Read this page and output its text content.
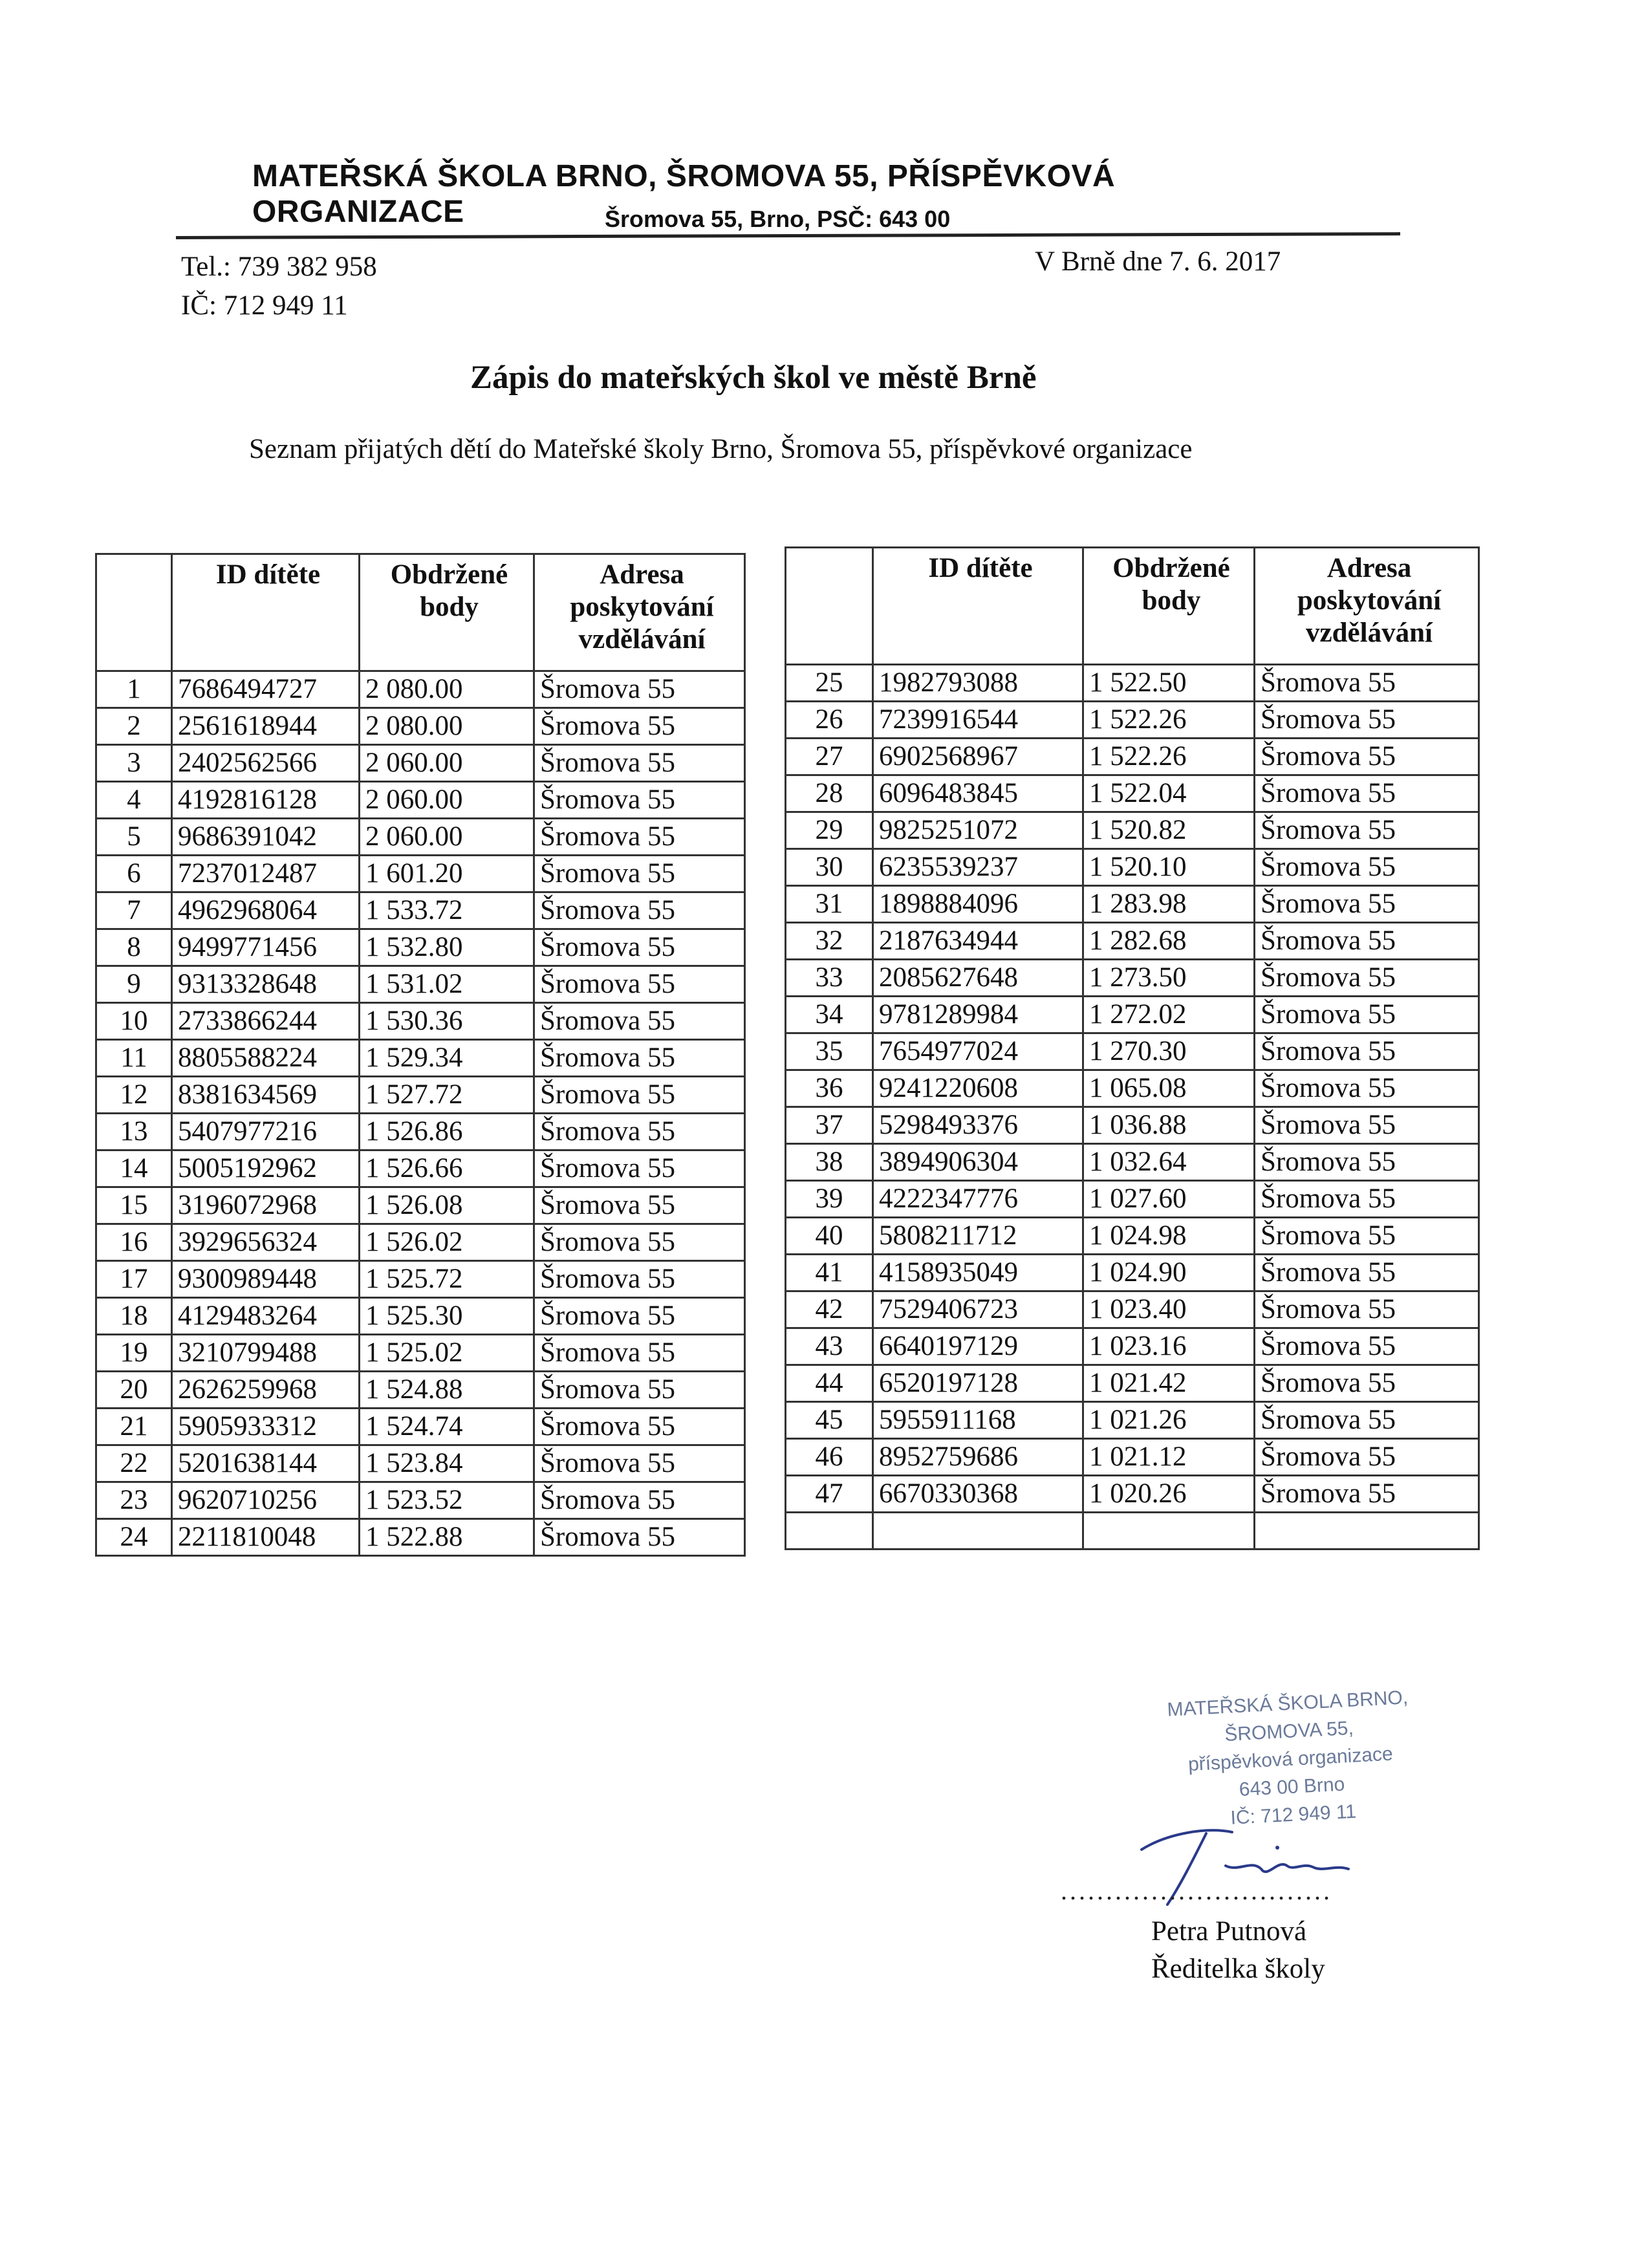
MATEŘSKÁ ŠKOLA BRNO, ŠROMOVA 55, PŘÍSPĚVKOVÁ ORGANIZACE	Šromova 55, Brno, PSČ: 643 00
Tel.: 739 382 958
IČ: 712 949 11
V Brně dne 7. 6. 2017
Zápis do mateřských škol ve městě Brně
Seznam přijatých dětí do Mateřské školy Brno, Šromova 55, příspěvkové organizace
	ID dítěte	Obdržené body	Adresa poskytování vzdělávání
1	7686494727	2 080.00	Šromova 55
2	2561618944	2 080.00	Šromova 55
3	2402562566	2 060.00	Šromova 55
4	4192816128	2 060.00	Šromova 55
5	9686391042	2 060.00	Šromova 55
6	7237012487	1 601.20	Šromova 55
7	4962968064	1 533.72	Šromova 55
8	9499771456	1 532.80	Šromova 55
9	9313328648	1 531.02	Šromova 55
10	2733866244	1 530.36	Šromova 55
11	8805588224	1 529.34	Šromova 55
12	8381634569	1 527.72	Šromova 55
13	5407977216	1 526.86	Šromova 55
14	5005192962	1 526.66	Šromova 55
15	3196072968	1 526.08	Šromova 55
16	3929656324	1 526.02	Šromova 55
17	9300989448	1 525.72	Šromova 55
18	4129483264	1 525.30	Šromova 55
19	3210799488	1 525.02	Šromova 55
20	2626259968	1 524.88	Šromova 55
21	5905933312	1 524.74	Šromova 55
22	5201638144	1 523.84	Šromova 55
23	9620710256	1 523.52	Šromova 55
24	2211810048	1 522.88	Šromova 55
	ID dítěte	Obdržené body	Adresa poskytování vzdělávání
25	1982793088	1 522.50	Šromova 55
26	7239916544	1 522.26	Šromova 55
27	6902568967	1 522.26	Šromova 55
28	6096483845	1 522.04	Šromova 55
29	9825251072	1 520.82	Šromova 55
30	6235539237	1 520.10	Šromova 55
31	1898884096	1 283.98	Šromova 55
32	2187634944	1 282.68	Šromova 55
33	2085627648	1 273.50	Šromova 55
34	9781289984	1 272.02	Šromova 55
35	7654977024	1 270.30	Šromova 55
36	9241220608	1 065.08	Šromova 55
37	5298493376	1 036.88	Šromova 55
38	3894906304	1 032.64	Šromova 55
39	4222347776	1 027.60	Šromova 55
40	5808211712	1 024.98	Šromova 55
41	4158935049	1 024.90	Šromova 55
42	7529406723	1 023.40	Šromova 55
43	6640197129	1 023.16	Šromova 55
44	6520197128	1 021.42	Šromova 55
45	5955911168	1 021.26	Šromova 55
46	8952759686	1 021.12	Šromova 55
47	6670330368	1 020.26	Šromova 55

MATEŘSKÁ ŠKOLA BRNO,
ŠROMOVA 55,
příspěvková organizace
643 00 Brno
IČ: 712 949 11
..............................
Petra Putnová
Ředitelka školy
